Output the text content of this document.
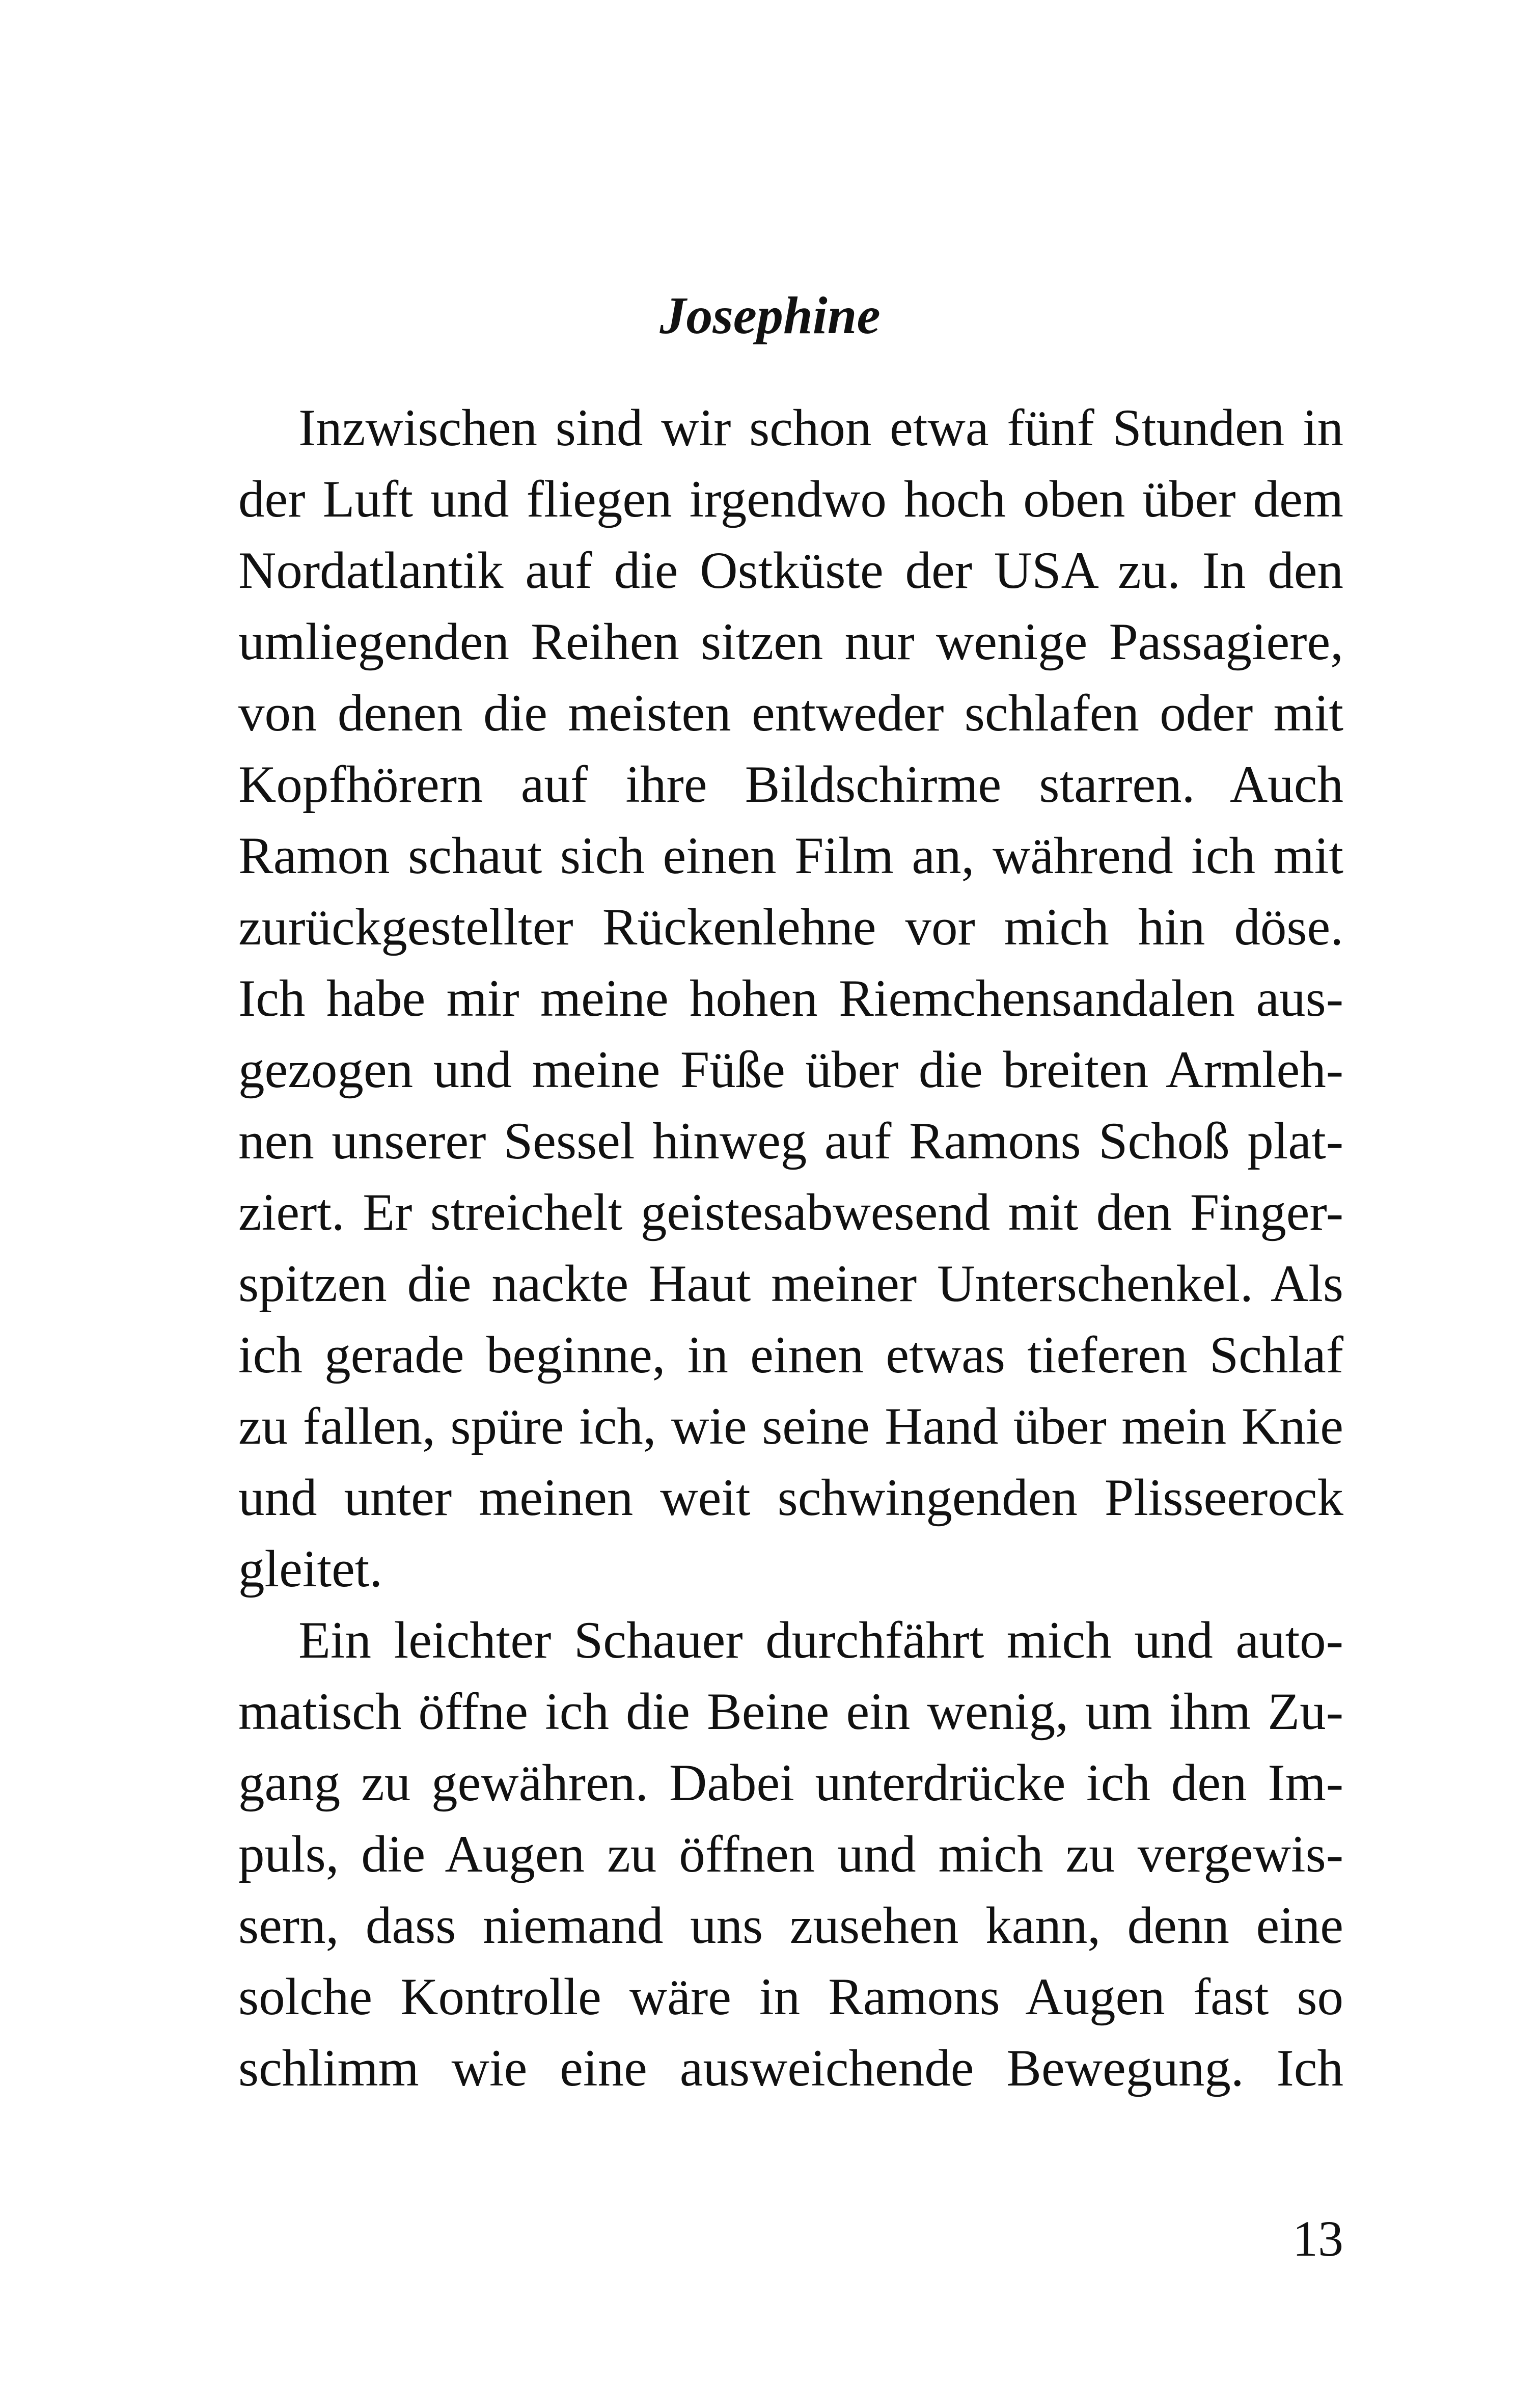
Josephine

Inzwischen sind wir schon etwa fünf Stunden in
der Luft und fliegen irgendwo hoch oben über dem
Nordatlantik auf die Ostküste der USA zu. In den
umliegenden Reihen sitzen nur wenige Passagiere,
von denen die meisten entweder schlafen oder mit
Kopfhörern auf ihre Bildschirme starren. Auch
Ramon schaut sich einen Film an, während ich mit
zurückgestellter Rückenlehne vor mich hin döse.
Ich habe mir meine hohen Riemchensandalen aus-
gezogen und meine Füße über die breiten Armleh-
nen unserer Sessel hinweg auf Ramons Schoß plat-
ziert. Er streichelt geistesabwesend mit den Finger-
spitzen die nackte Haut meiner Unterschenkel. Als
ich gerade beginne, in einen etwas tieferen Schlaf
zu fallen, spüre ich, wie seine Hand über mein Knie
und unter meinen weit schwingenden Plisseerock
gleitet.

Ein leichter Schauer durchfährt mich und auto-
matisch öffne ich die Beine ein wenig, um ihm Zu-
gang zu gewähren. Dabei unterdrücke ich den Im-
puls, die Augen zu öffnen und mich zu vergewis-
sern, dass niemand uns zusehen kann, denn eine
solche Kontrolle wäre in Ramons Augen fast so
schlimm wie eine ausweichende Bewegung. Ich

13
